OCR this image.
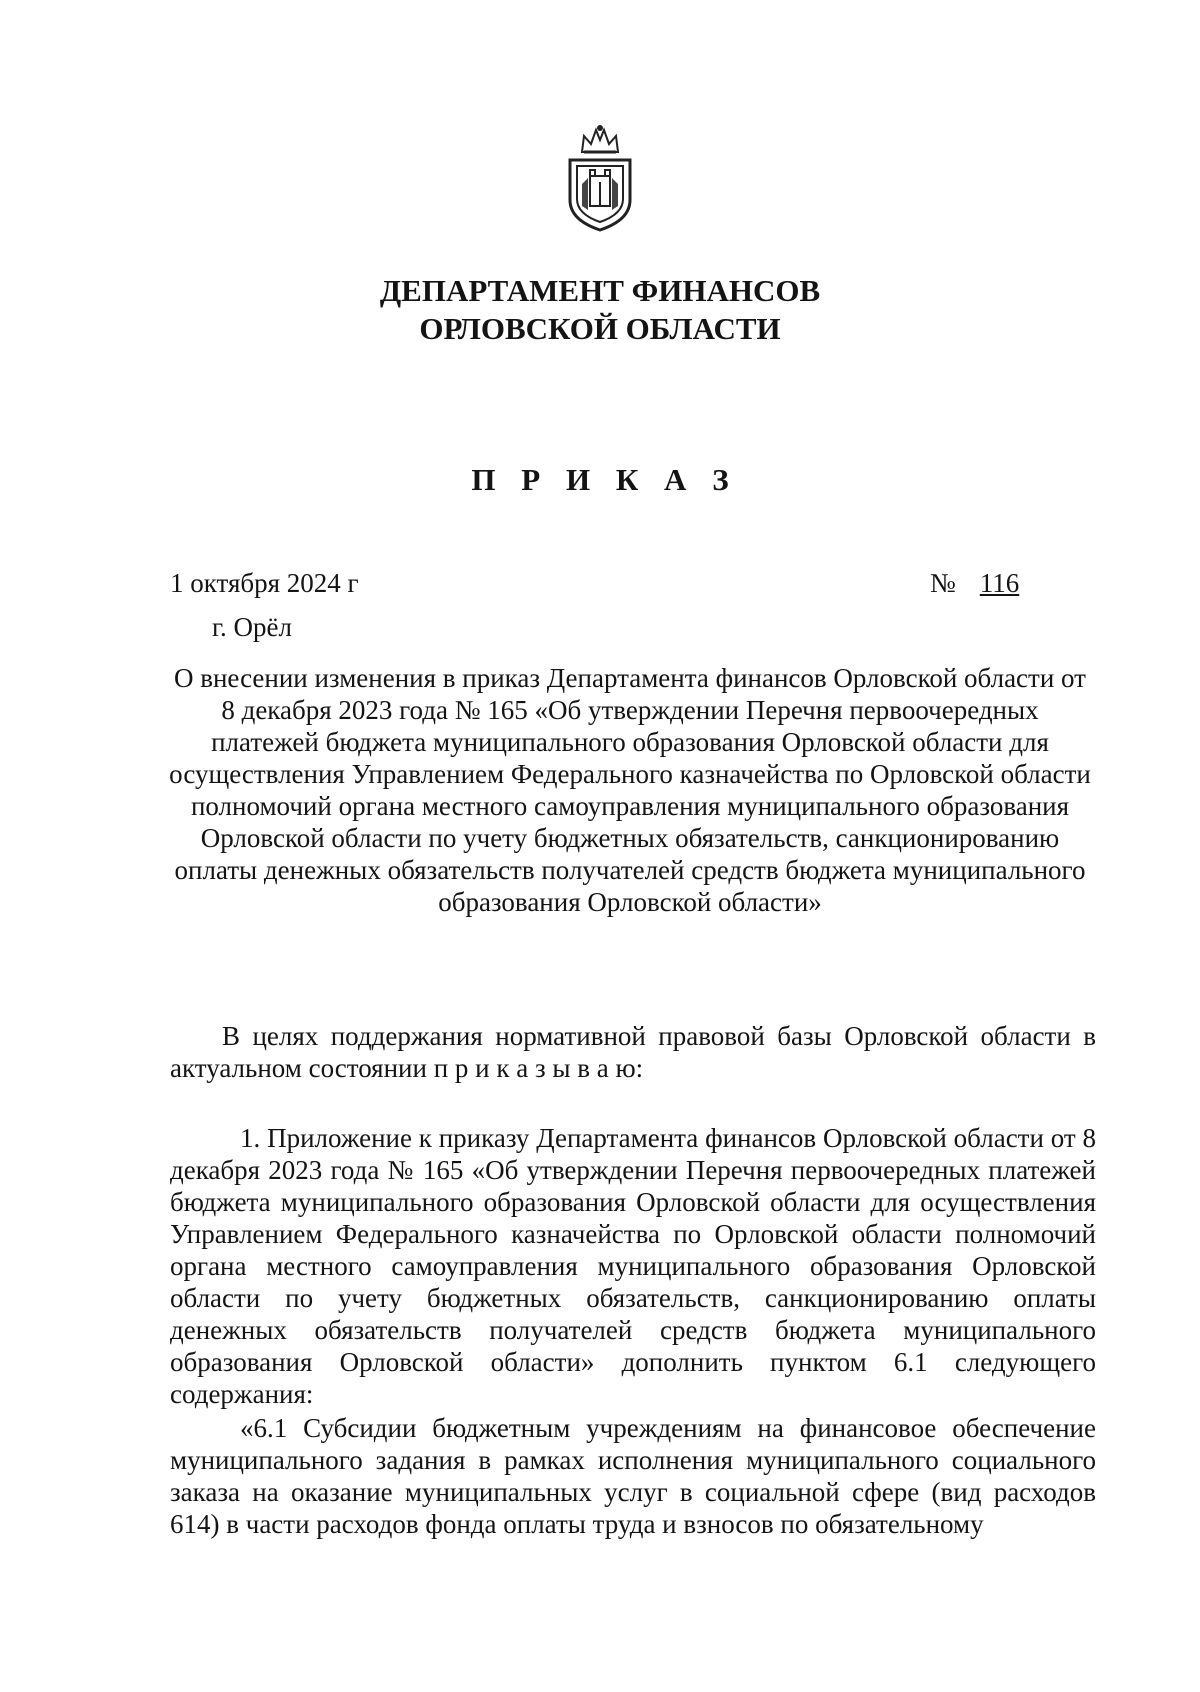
ДЕПАРТАМЕНТ ФИНАНСОВ
ОРЛОВСКОЙ ОБЛАСТИ
П Р И К А З
1 октября 2024 г	№ 116
г. Орёл
О внесении изменения в приказ Департамента финансов Орловской области от 8 декабря 2023 года № 165 «Об утверждении Перечня первоочередных платежей бюджета муниципального образования Орловской области для осуществления Управлением Федерального казначейства по Орловской области полномочий органа местного самоуправления муниципального образования Орловской области по учету бюджетных обязательств, санкционированию оплаты денежных обязательств получателей средств бюджета муниципального образования Орловской области»
В целях поддержания нормативной правовой базы Орловской области в актуальном состоянии п р и к а з ы в а ю:
1. Приложение к приказу Департамента финансов Орловской области от 8 декабря 2023 года № 165 «Об утверждении Перечня первоочередных платежей бюджета муниципального образования Орловской области для осуществления Управлением Федерального казначейства по Орловской области полномочий органа местного самоуправления муниципального образования Орловской области по учету бюджетных обязательств, санкционированию оплаты денежных обязательств получателей средств бюджета муниципального образования Орловской области» дополнить пунктом 6.1 следующего содержания:
«6.1 Субсидии бюджетным учреждениям на финансовое обеспечение муниципального задания в рамках исполнения муниципального социального заказа на оказание муниципальных услуг в социальной сфере (вид расходов 614) в части расходов фонда оплаты труда и взносов по обязательному
